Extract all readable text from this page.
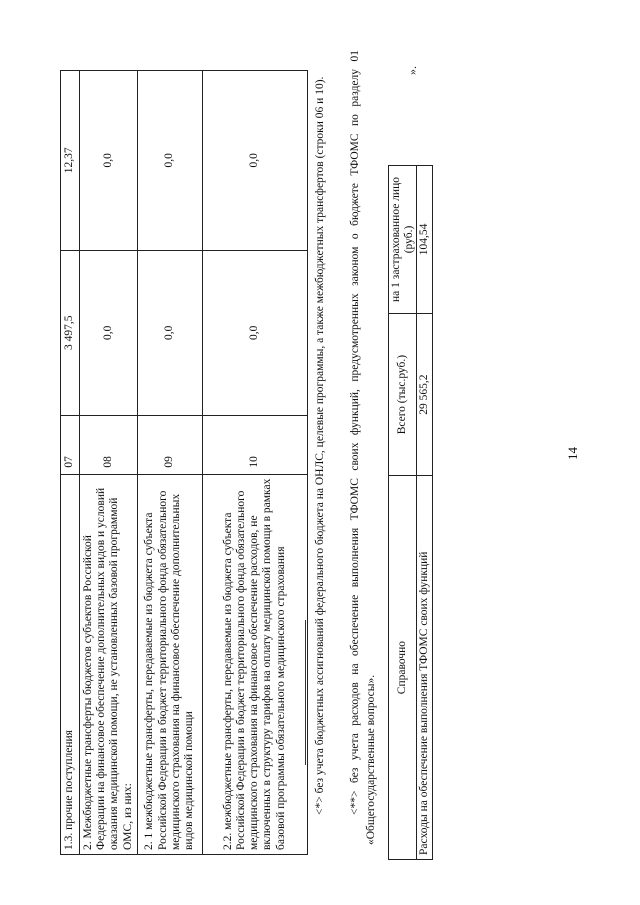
1.3. прочие поступления	07	3 497,5	12,37
2. Межбюджетные трансферты бюджетов субъектов Российской Федерации на финансовое обеспечение дополнительных видов и условий оказания медицинской помощи, не установленных базовой программой ОМС, из них:	08	0,0	0,0
2. 1 межбюджетные трансферты, передаваемые из бюджета субъекта Российской Федерации в бюджет территориального фонда обязательного медицинского страхования на финансовое обеспечение дополнительных видов медицинской помощи	09	0,0	0,0
2.2. межбюджетные трансферты, передаваемые из бюджета субъекта Российской Федерации в бюджет территориального фонда обязательного медицинского страхования на финансовое обеспечение расходов, не включенных в структуру тарифов на оплату медицинской помощи в рамках базовой программы обязательного медицинского страхования	10	0,0	0,0	<*> без учета бюджетных ассигнований федерального бюджета на ОНЛС, целевые программы, а также межбюджетных трансфертов (строки 06 и 10). <**> без учета расходов на обеспечение выполнения ТФОМС своих функций, предусмотренных законом о бюджете ТФОМС по разделу 01 «Общегосударственные вопросы».
Справочно	Всего (тыс.руб.)	на 1 застрахованное лицо (руб.)
Расходы на обеспечение выполнения ТФОМС своих функций	29 565,2	104,54
».
14
